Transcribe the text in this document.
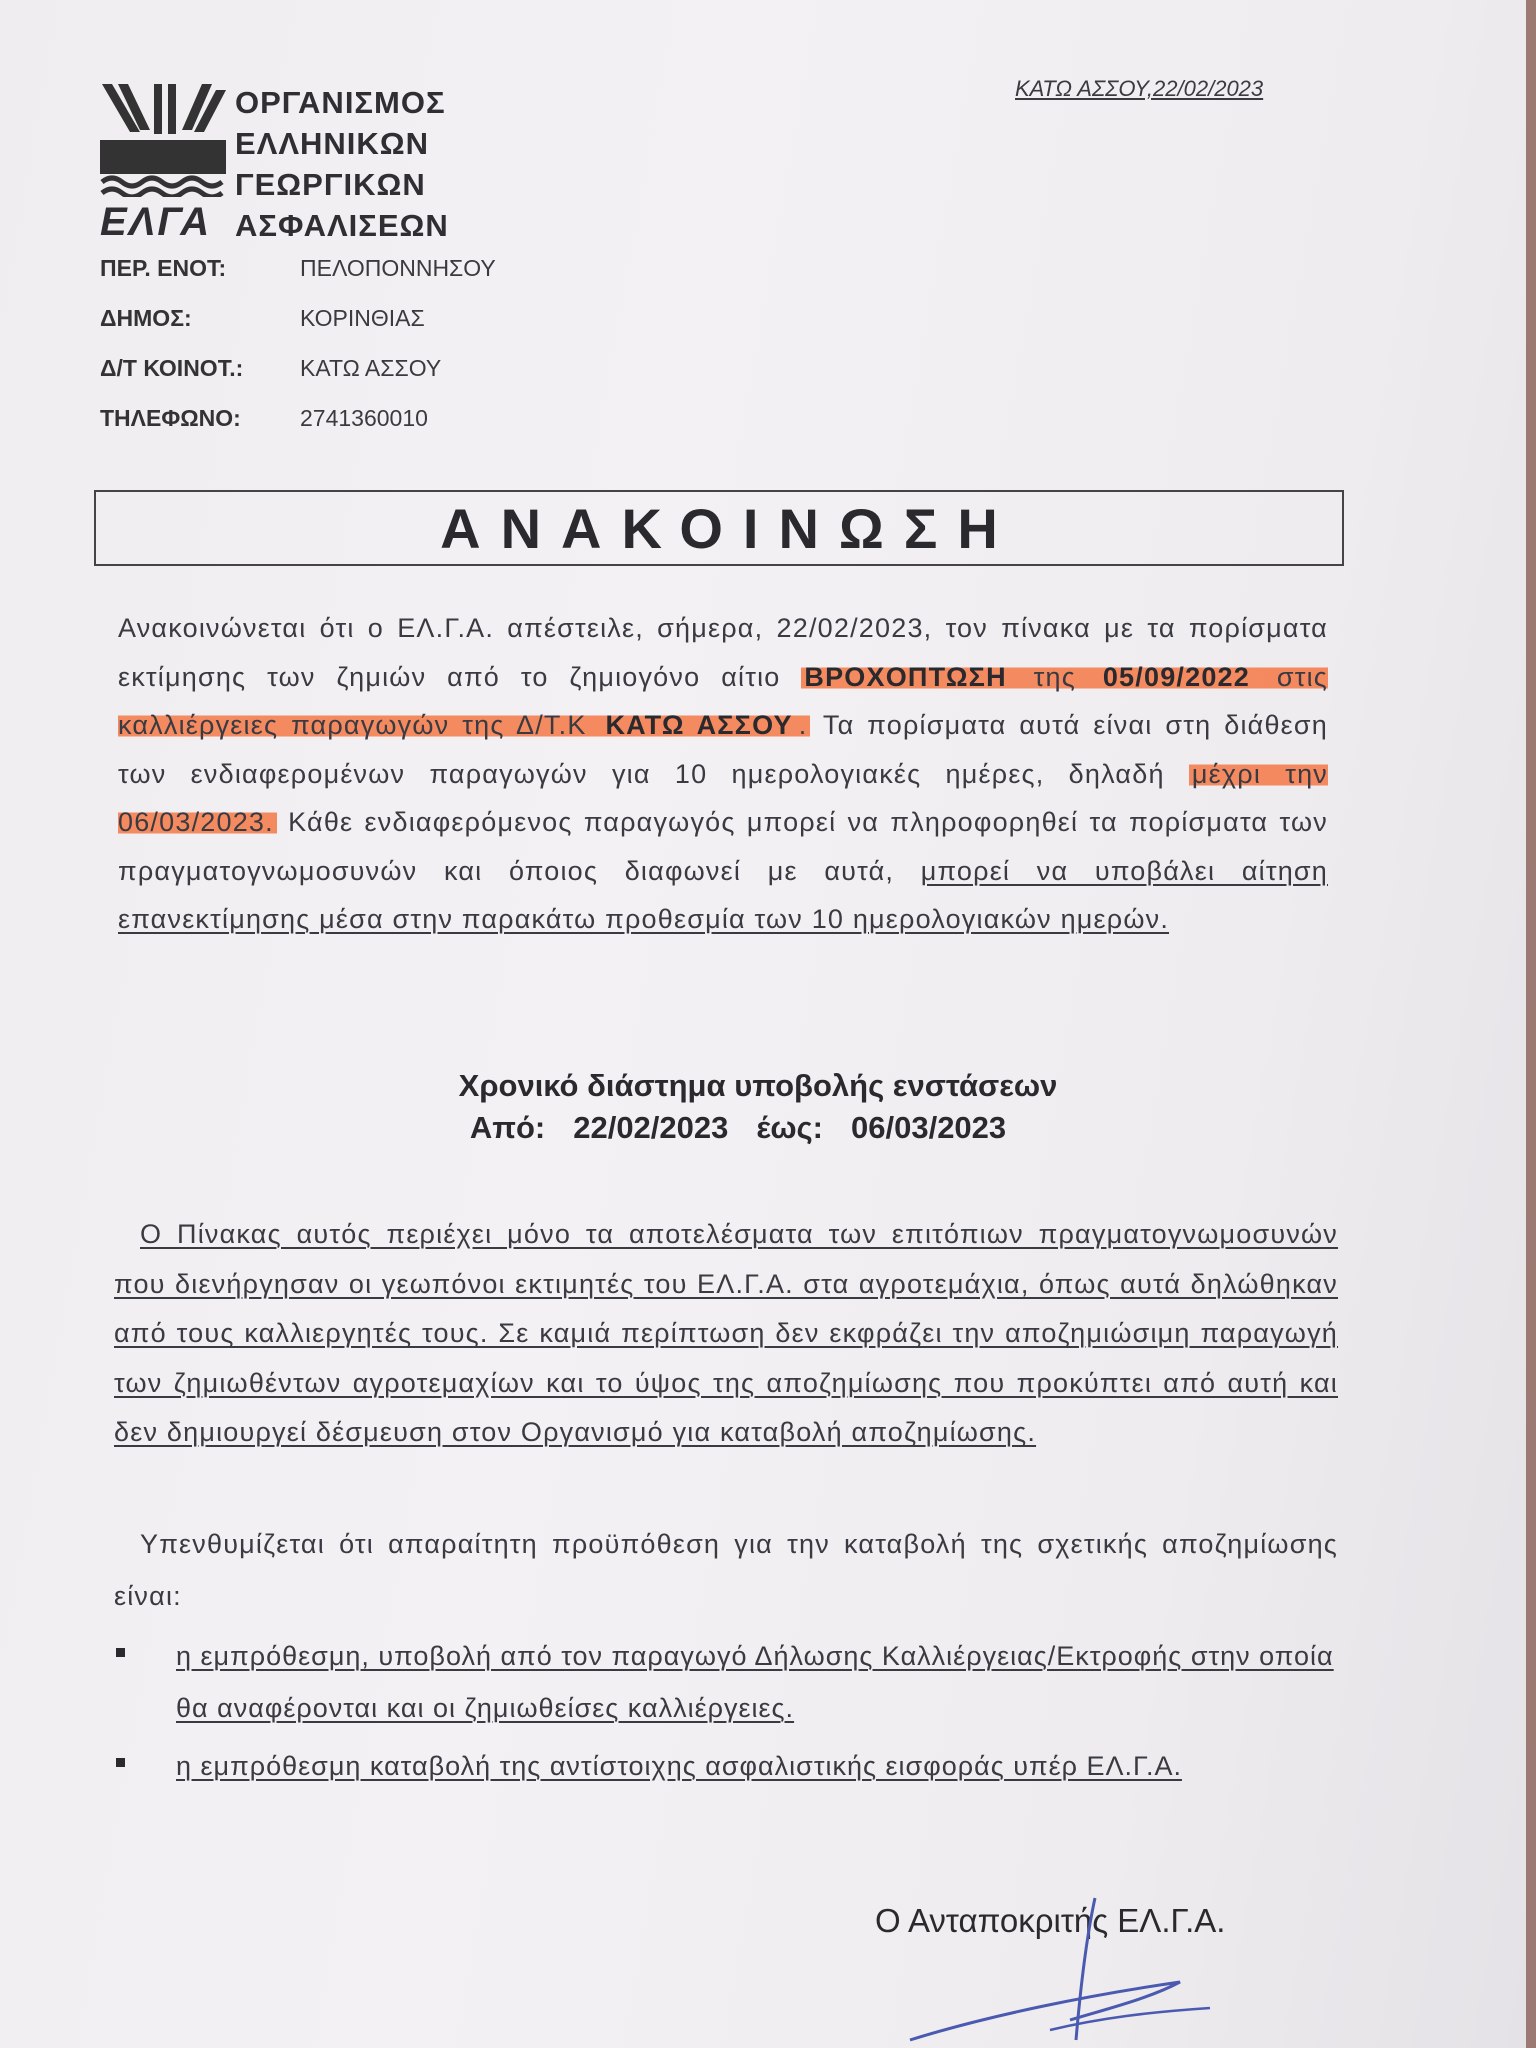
ΟΡΓΑΝΙΣΜΟΣ
ΕΛΛΗΝΙΚΩΝ
ΓΕΩΡΓΙΚΩΝ
ΑΣΦΑΛΙΣΕΩΝ
ΕΛΓΑ
ΚΑΤΩ ΑΣΣΟΥ,22/02/2023
ΠΕΡ. ΕΝΟΤ:	ΠΕΛΟΠΟΝΝΗΣΟΥ
ΔΗΜΟΣ:	ΚΟΡΙΝΘΙΑΣ
Δ/Τ ΚΟΙΝΟΤ.: ΚΑΤΩ ΑΣΣΟΥ
ΤΗΛΕΦΩΝΟ:	2741360010
ΑΝΑΚΟΙΝΩΣΗ
Ανακοινώνεται ότι ο ΕΛ.Γ.Α. απέστειλε, σήμερα, 22/02/2023, τον πίνακα με τα πορίσματα εκτίμησης των ζημιών από το ζημιογόνο αίτιο ΒΡΟΧΟΠΤΩΣΗ της 05/09/2022 στις καλλιέργειες παραγωγών της Δ/Τ.Κ ΚΑΤΩ ΑΣΣΟΥ . Τα πορίσματα αυτά είναι στη διάθεση των ενδιαφερομένων παραγωγών για 10 ημερολογιακές ημέρες, δηλαδή μέχρι την 06/03/2023. Κάθε ενδιαφερόμενος παραγωγός μπορεί να πληροφορηθεί τα πορίσματα των πραγματογνωμοσυνών και όποιος διαφωνεί με αυτά, μπορεί να υποβάλει αίτηση επανεκτίμησης μέσα στην παρακάτω προθεσμία των 10 ημερολογιακών ημερών.
Χρονικό διάστημα υποβολής ενστάσεων
Από: 22/02/2023 έως: 06/03/2023
Ο Πίνακας αυτός περιέχει μόνο τα αποτελέσματα των επιτόπιων πραγματογνωμοσυνών που διενήργησαν οι γεωπόνοι εκτιμητές του ΕΛ.Γ.Α. στα αγροτεμάχια, όπως αυτά δηλώθηκαν από τους καλλιεργητές τους. Σε καμιά περίπτωση δεν εκφράζει την αποζημιώσιμη παραγωγή των ζημιωθέντων αγροτεμαχίων και το ύψος της αποζημίωσης που προκύπτει από αυτή και δεν δημιουργεί δέσμευση στον Οργανισμό για καταβολή αποζημίωσης.
Υπενθυμίζεται ότι απαραίτητη προϋπόθεση για την καταβολή της σχετικής αποζημίωσης είναι:
η εμπρόθεσμη, υποβολή από τον παραγωγό Δήλωσης Καλλιέργειας/Εκτροφής στην οποία θα αναφέρονται και οι ζημιωθείσες καλλιέργειες.
η εμπρόθεσμη καταβολή της αντίστοιχης ασφαλιστικής εισφοράς υπέρ ΕΛ.Γ.Α.
Ο Ανταποκριτής ΕΛ.Γ.Α.
